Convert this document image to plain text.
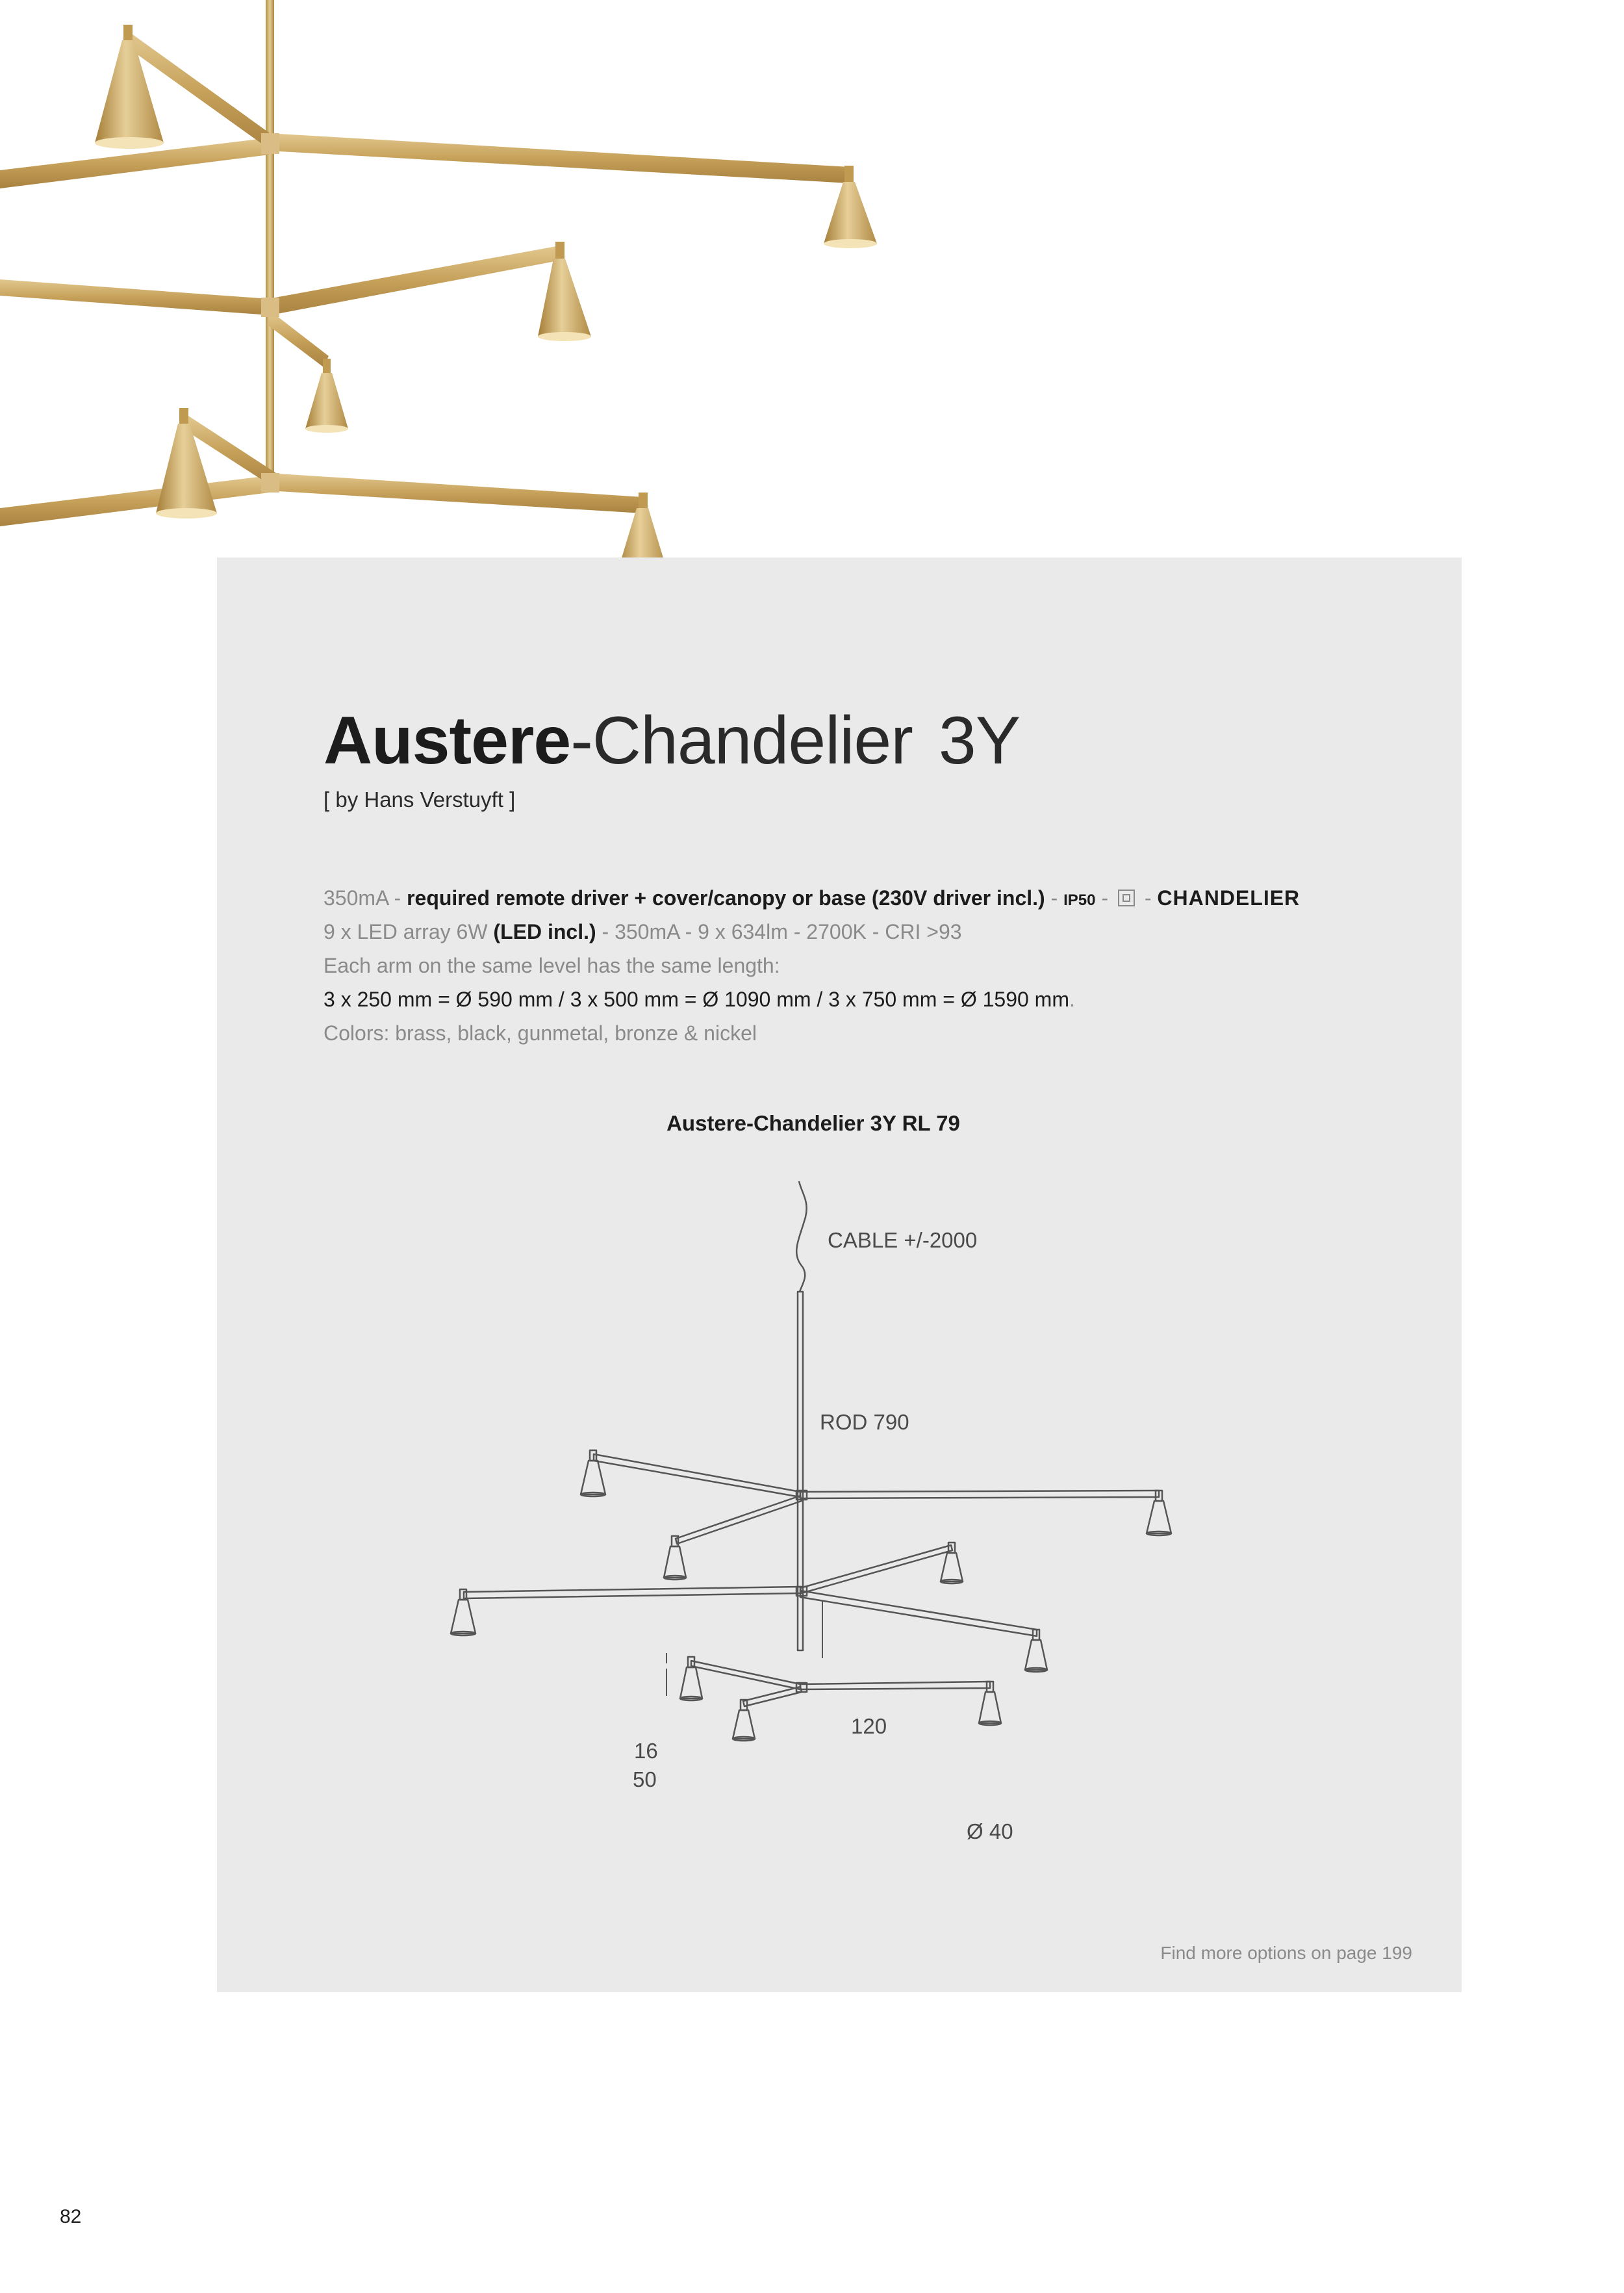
Austere-Chandelier 3Y
[ by Hans Verstuyft ]
350mA - required remote driver + cover/canopy or base (230V driver incl.) - IP50 -  - CHANDELIER
9 x LED array 6W (LED incl.) - 350mA - 9 x 634lm - 2700K - CRI >93
Each arm on the same level has the same length:
3 x 250 mm = Ø 590 mm / 3 x 500 mm = Ø 1090 mm / 3 x 750 mm = Ø 1590 mm.
Colors: brass, black, gunmetal, bronze & nickel
Austere-Chandelier 3Y RL 79
CABLE +/-2000
ROD 790
120
16
50
Ø 40
Find more options on page 199
82
